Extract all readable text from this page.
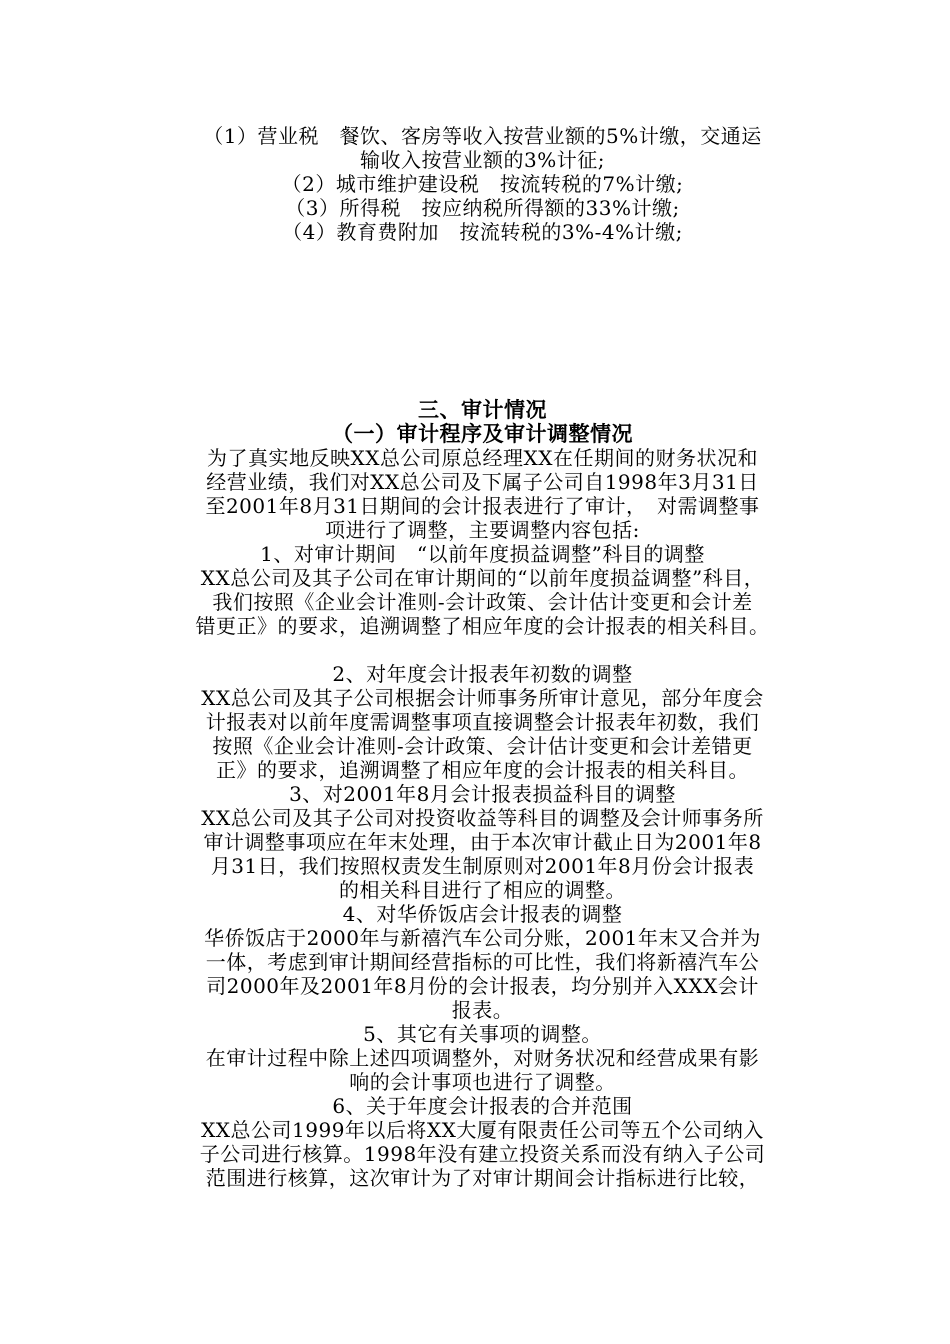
（1）营业税　餐饮、客房等收入按营业额的5%计缴，交通运
输收入按营业额的3%计征;
（2）城市维护建设税　按流转税的7%计缴;
（3）所得税　按应纳税所得额的33%计缴;
（4）教育费附加　按流转税的3%-4%计缴;
三、审计情况
（一）审计程序及审计调整情况
为了真实地反映XX总公司原总经理XX在任期间的财务状况和
经营业绩，我们对XX总公司及下属子公司自1998年3月31日
至2001年8月31日期间的会计报表进行了审计，　对需调整事
项进行了调整，主要调整内容包括:
1、对审计期间　“以前年度损益调整”科目的调整
XX总公司及其子公司在审计期间的“以前年度损益调整”科目，
我们按照《企业会计准则-会计政策、会计估计变更和会计差
错更正》的要求，追溯调整了相应年度的会计报表的相关科目。
2、对年度会计报表年初数的调整
XX总公司及其子公司根据会计师事务所审计意见，部分年度会
计报表对以前年度需调整事项直接调整会计报表年初数，我们
按照《企业会计准则-会计政策、会计估计变更和会计差错更
正》的要求，追溯调整了相应年度的会计报表的相关科目。
3、对2001年8月会计报表损益科目的调整
XX总公司及其子公司对投资收益等科目的调整及会计师事务所
审计调整事项应在年末处理，由于本次审计截止日为2001年8
月31日，我们按照权责发生制原则对2001年8月份会计报表
的相关科目进行了相应的调整。
4、对华侨饭店会计报表的调整
华侨饭店于2000年与新禧汽车公司分账，2001年末又合并为
一体，考虑到审计期间经营指标的可比性，我们将新禧汽车公
司2000年及2001年8月份的会计报表，均分别并入XXX会计
报表。
5、其它有关事项的调整。
在审计过程中除上述四项调整外，对财务状况和经营成果有影
响的会计事项也进行了调整。
6、关于年度会计报表的合并范围
XX总公司1999年以后将XX大厦有限责任公司等五个公司纳入
子公司进行核算。1998年没有建立投资关系而没有纳入子公司
范围进行核算，这次审计为了对审计期间会计指标进行比较，
